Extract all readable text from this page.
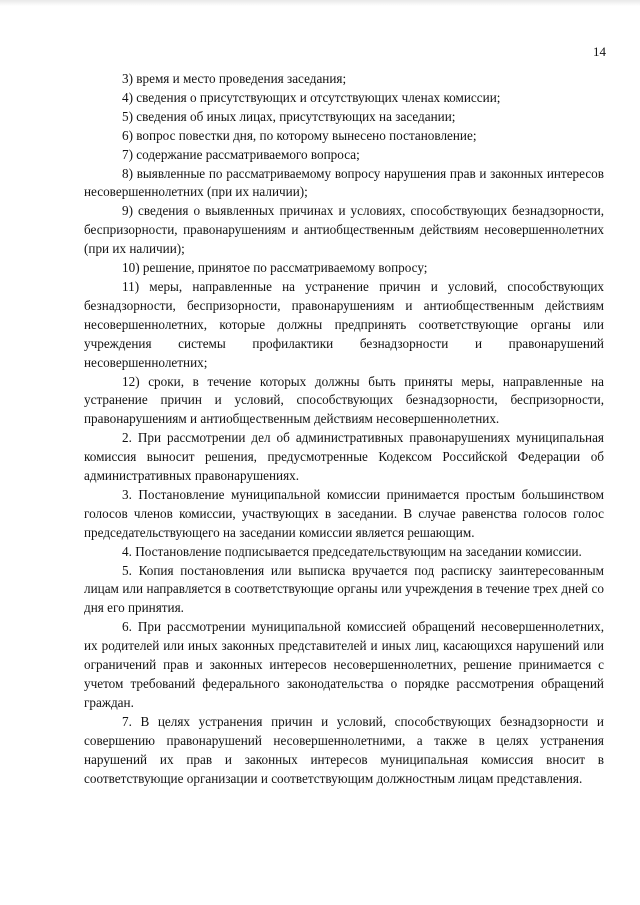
14

3) время и место проведения заседания;

4) сведения о присутствующих и отсутствующих членах комиссии;

5) сведения об иных лицах, присутствующих на заседании;

6) вопрос повестки дня, по которому вынесено постановление;

7) содержание рассматриваемого вопроса;

8) выявленные по рассматриваемому вопросу нарушения прав и законных интересов несовершеннолетних (при их наличии);

9) сведения о выявленных причинах и условиях, способствующих безнадзорности, беспризорности, правонарушениям и антиобщественным действиям несовершеннолетних (при их наличии);

10) решение, принятое по рассматриваемому вопросу;

11) меры, направленные на устранение причин и условий, способствующих безнадзорности, беспризорности, правонарушениям и антиобщественным действиям несовершеннолетних, которые должны предпринять соответствующие органы или учреждения системы профилактики безнадзорности и правонарушений несовершеннолетних;

12) сроки, в течение которых должны быть приняты меры, направленные на устранение причин и условий, способствующих безнадзорности, беспризорности, правонарушениям и антиобщественным действиям несовершеннолетних.

2. При рассмотрении дел об административных правонарушениях муниципальная комиссия выносит решения, предусмотренные Кодексом Российской Федерации об административных правонарушениях.

3. Постановление муниципальной комиссии принимается простым большинством голосов членов комиссии, участвующих в заседании. В случае равенства голосов голос председательствующего на заседании комиссии является решающим.

4. Постановление подписывается председательствующим на заседании комиссии.

5. Копия постановления или выписка вручается под расписку заинтересованным лицам или направляется в соответствующие органы или учреждения в течение трех дней со дня его принятия.

6. При рассмотрении муниципальной комиссией обращений несовершеннолетних, их родителей или иных законных представителей и иных лиц, касающихся нарушений или ограничений прав и законных интересов несовершеннолетних, решение принимается с учетом требований федерального законодательства о порядке рассмотрения обращений граждан.

7. В целях устранения причин и условий, способствующих безнадзорности и совершению правонарушений несовершеннолетними, а также в целях устранения нарушений их прав и законных интересов муниципальная комиссия вносит в соответствующие организации и соответствующим должностным лицам представления.
